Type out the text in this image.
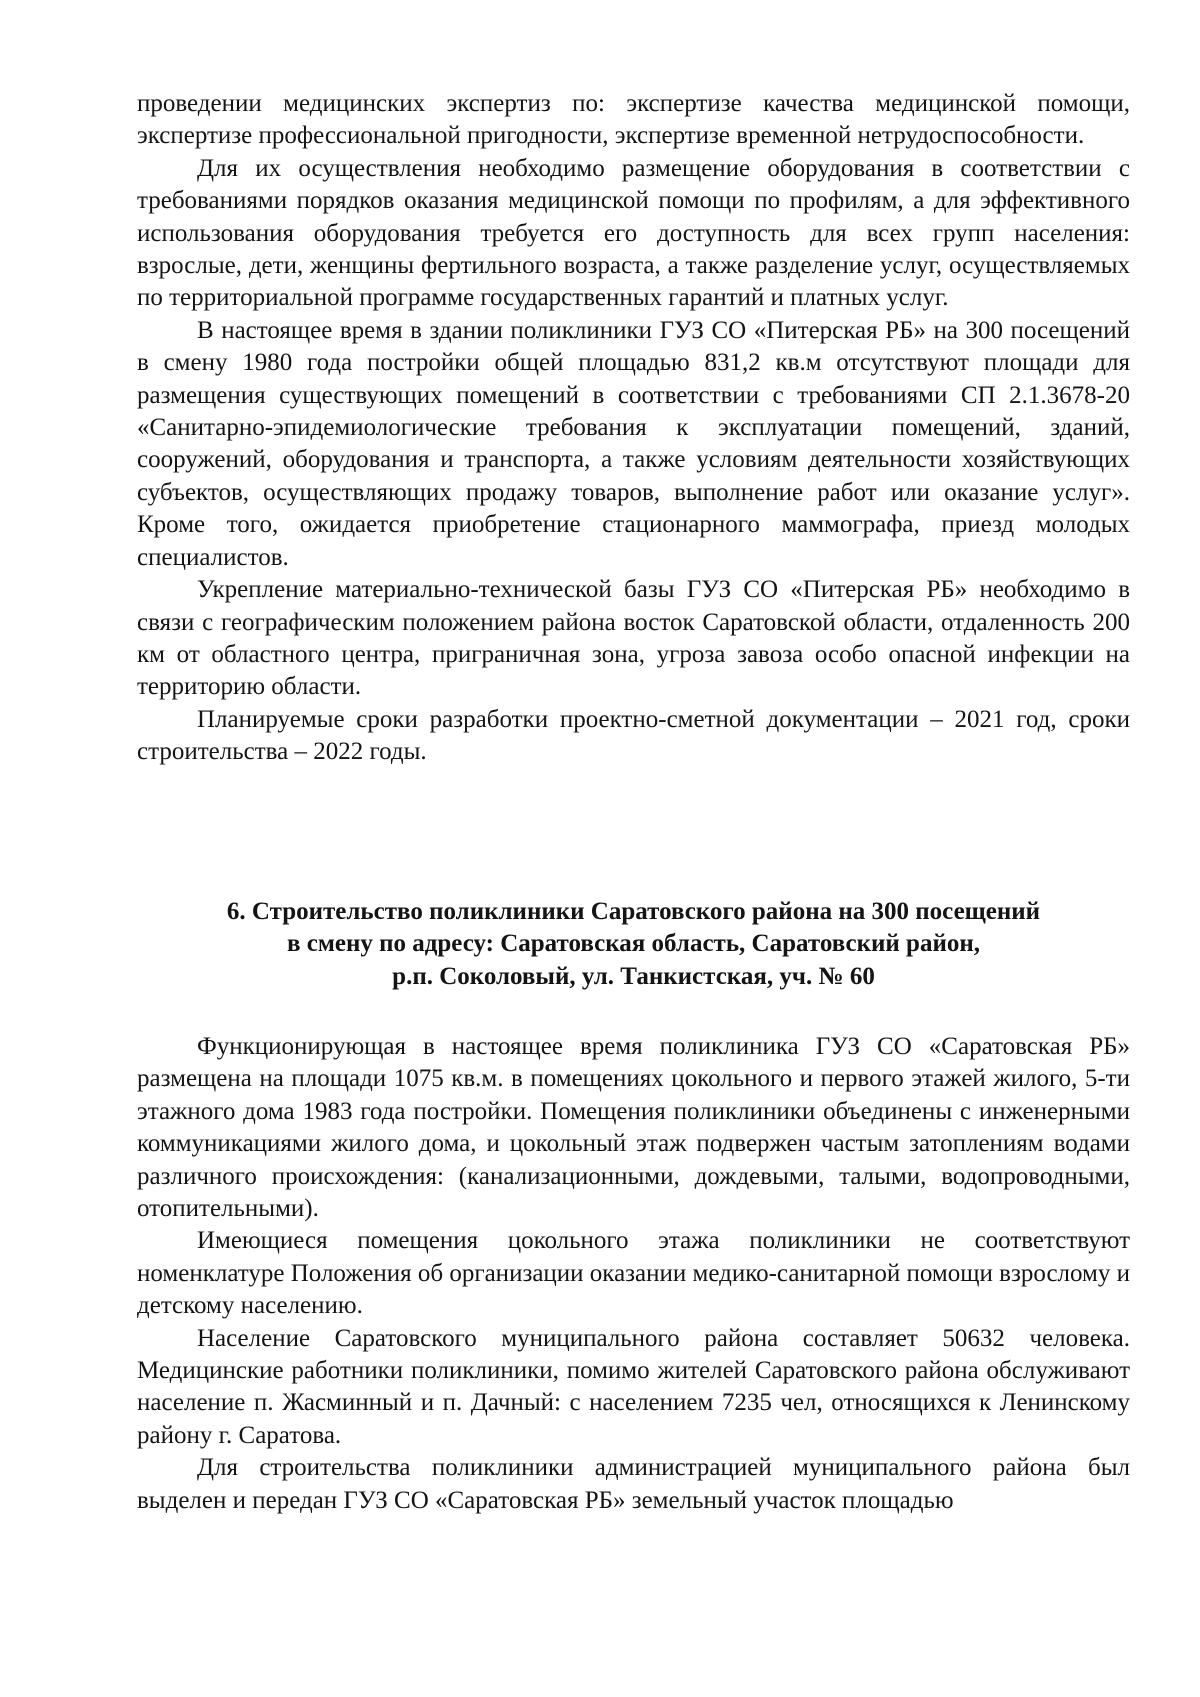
проведении медицинских экспертиз по: экспертизе качества медицинской помощи, экспертизе профессиональной пригодности, экспертизе временной нетрудоспособности.

Для их осуществления необходимо размещение оборудования в соответствии с требованиями порядков оказания медицинской помощи по профилям, а для эффективного использования оборудования требуется его доступность для всех групп населения: взрослые, дети, женщины фертильного возраста, а также разделение услуг, осуществляемых по территориальной программе государственных гарантий и платных услуг.

В настоящее время в здании поликлиники ГУЗ СО «Питерская РБ» на 300 посещений в смену 1980 года постройки общей площадью 831,2 кв.м отсутствуют площади для размещения существующих помещений в соответствии с требованиями СП 2.1.3678-20 «Санитарно-эпидемиологические требования к эксплуатации помещений, зданий, сооружений, оборудования и транспорта, а также условиям деятельности хозяйствующих субъектов, осуществляющих продажу товаров, выполнение работ или оказание услуг». Кроме того, ожидается приобретение стационарного маммографа, приезд молодых специалистов.

Укрепление материально-технической базы ГУЗ СО «Питерская РБ» необходимо в связи с географическим положением района восток Саратовской области, отдаленность 200 км от областного центра, приграничная зона, угроза завоза особо опасной инфекции на территорию области.

Планируемые сроки разработки проектно-сметной документации – 2021 год, сроки строительства – 2022 годы.

6. Строительство поликлиники Саратовского района на 300 посещений
в смену по адресу: Саратовская область, Саратовский район,
р.п. Соколовый, ул. Танкистская, уч. № 60

Функционирующая в настоящее время поликлиника ГУЗ СО «Саратовская РБ» размещена на площади 1075 кв.м. в помещениях цокольного и первого этажей жилого, 5-ти этажного дома 1983 года постройки. Помещения поликлиники объединены с инженерными коммуникациями жилого дома, и цокольный этаж подвержен частым затоплениям водами различного происхождения: (канализационными, дождевыми, талыми, водопроводными, отопительными).

Имеющиеся помещения цокольного этажа поликлиники не соответствуют номенклатуре Положения об организации оказании медико-санитарной помощи взрослому и детскому населению.

Население Саратовского муниципального района составляет 50632 человека. Медицинские работники поликлиники, помимо жителей Саратовского района обслуживают население п. Жасминный и п. Дачный: с населением 7235 чел, относящихся к Ленинскому району г. Саратова.

Для строительства поликлиники администрацией муниципального района был выделен и передан ГУЗ СО «Саратовская РБ» земельный участок площадью
